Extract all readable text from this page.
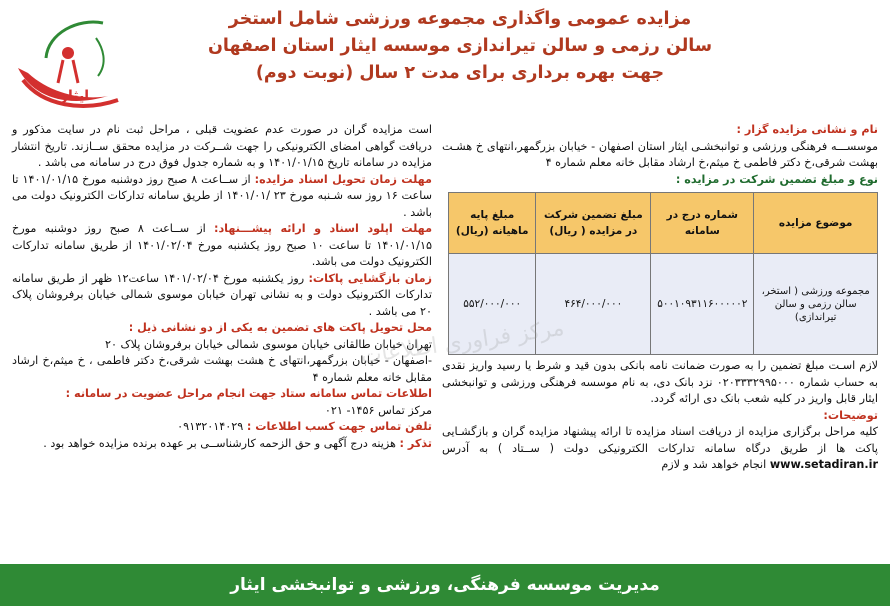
مزایده عمومی واگذاری مجموعه ورزشی شامل استخر
سالن رزمی و سالن تیراندازی موسسه ایثار استان اصفهان
جهت بهره برداری برای مدت ۲ سال (نوبت دوم)
ایثار

نام و نشانی مزایده گزار :

موسســـه فرهنگی ورزشی و توانبخشـی ایثار استان اصفهان - خیابان بزرگمهر،انتهای خ هشـت بهشت شرقی،خ دکتر فاطمی خ میثم،خ ارشاد مقابل خانه معلم شماره ۴

نوع و مبلغ تضمین شرکت در مزایده :

موضوع مزایده	شماره درج در سامانه	مبلغ تضمین شرکت در مزایده ( ریال)	مبلغ پایه ماهیانه (ریال)
مجموعه ورزشی ( استخر، سالن رزمی و سالن تیراندازی)	۵۰۰۱۰۹۳۱۱۶۰۰۰۰۰۲	۴۶۴/۰۰۰/۰۰۰	۵۵۲/۰۰۰/۰۰۰

لازم اسـت مبلغ تضمین را به صورت ضمانت نامه بانکی بدون قید و شرط یا رسید واریز نقدی به حساب شماره ۰۲۰۳۳۳۲۹۹۵۰۰۰ نزد بانک دی، به نام موسسه فرهنگی ورزشی و توانبخشی ایثار قابل واریز در کلیه شعب بانک دی ارائه گردد.

توضیحات:

کلیه مراحل برگزاری مزایده از دریافت اسناد مزایده تا ارائه پیشنهاد مزایده گران و بازگشـایی پاکت ها از طریق درگاه سامانه تدارکات الکترونیکی دولت ( ســتاد ) به آدرس www.setadiran.ir انجام خواهد شد و لازم

است مزایده گران در صورت عدم عضویت قبلی ، مراحل ثبت نام در سایت مذکور و دریافت گواهی امضای الکترونیکی را جهت شــرکت در مزایده محقق ســازند. تاریخ انتشار مزایده در سامانه تاریخ ۱۴۰۱/۰۱/۱۵ و به شماره جدول فوق درج در سامانه می باشد .

مهلت زمان تحویل اسناد مزایده: از ســاعت ۸ صبح روز دوشنبه مورخ ۱۴۰۱/۰۱/۱۵ تا ساعت ۱۶ روز سه شـنبه مورخ ۲۳ /۱۴۰۱/۰۱ از طریق سامانه تدارکات الکترونیک دولت می باشد .

مهلت اپلود اسناد و ارائه پیشـــنهاد: از ســاعت ۸ صبح روز دوشنبه مورخ ۱۴۰۱/۰۱/۱۵ تا ساعت ۱۰ صبح روز یکشنبه مورخ ۱۴۰۱/۰۲/۰۴ از طریق سامانه تدارکات الکترونیک دولت می باشد.

زمان بازگشایی پاکات: روز یکشنبه مورخ ۱۴۰۱/۰۲/۰۴ ساعت۱۲ ظهر از طریق سامانه تدارکات الکترونیک دولت و به نشانی تهران خیابان موسوی شمالی خیابان برفروشان پلاک ۲۰ می باشد .

محل تحویل پاکت های تضمین به یکی از دو نشانی ذیل :

تهران خیابان طالقانی خیابان موسوی شمالی خیابان برفروشان پلاک ۲۰

-اصفهان - خیابان بزرگمهر،انتهای خ هشت بهشت شرقی،خ دکتر فاطمی ، خ میثم،خ ارشاد مقابل خانه معلم شماره ۴

اطلاعات تماس سامانه ستاد جهت انجام مراحل عضویت در سامانه :

مرکز تماس ۱۴۵۶- ۰۲۱

تلفن تماس جهت کسب اطلاعات : ۰۹۱۳۲۰۱۴۰۲۹

تذکر : هزینه درج آگهی و حق الزحمه کارشناســی بر عهده برنده مزایده خواهد بود .

مرکز فراوری اطلاعات
مدیریت موسسه فرهنگی، ورزشی و توانبخشی ایثار
